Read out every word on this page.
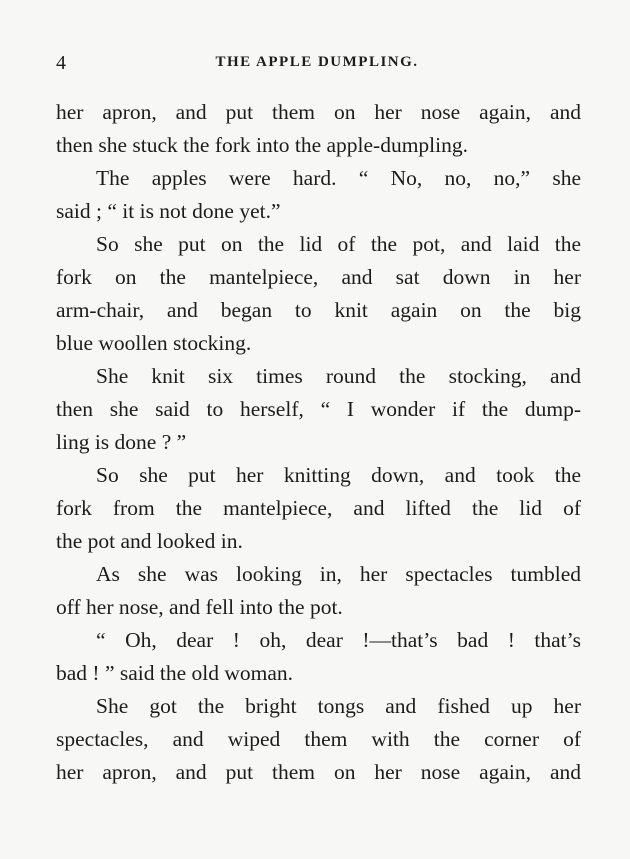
4	THE APPLE DUMPLING.
her apron, and put them on her nose again, and
then she stuck the fork into the apple-dumpling.
The apples were hard. “ No, no, no,” she
said ; “ it is not done yet.”
So she put on the lid of the pot, and laid the
fork on the mantelpiece, and sat down in her
arm-chair, and began to knit again on the big
blue woollen stocking.
She knit six times round the stocking, and
then she said to herself, “ I wonder if the dump-
ling is done ? ”
So she put her knitting down, and took the
fork from the mantelpiece, and lifted the lid of
the pot and looked in.
As she was looking in, her spectacles tumbled
off her nose, and fell into the pot.
“ Oh, dear ! oh, dear !—that’s bad ! that’s
bad ! ” said the old woman.
She got the bright tongs and fished up her
spectacles, and wiped them with the corner of
her apron, and put them on her nose again, and
